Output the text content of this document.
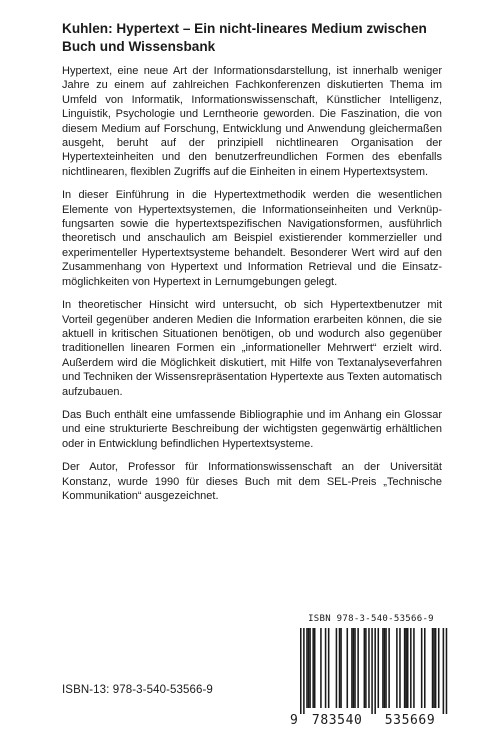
Kuhlen: Hypertext – Ein nicht-lineares Medium zwischen Buch und Wissensbank

Hypertext, eine neue Art der Informationsdarstellung, ist innerhalb weniger Jahre zu einem auf zahlreichen Fachkonferenzen diskutierten Thema im Umfeld von Informatik, Informationswissenschaft, Künstlicher Intelligenz, Linguistik, Psychologie und Lerntheorie geworden. Die Faszination, die von diesem Medium auf Forschung, Entwicklung und Anwendung gleichermaßen ausgeht, beruht auf der prinzipiell nichtlinearen Organisation der Hypertexteinheiten und den benutzerfreundlichen Formen des ebenfalls nichtlinearen, flexiblen Zugriffs auf die Einheiten in einem Hypertextsystem.

In dieser Einführung in die Hypertextmethodik werden die wesentlichen Elemente von Hypertextsystemen, die Informationseinheiten und Verknüpfungsarten sowie die hypertextspezifischen Navigationsformen, ausführlich theoretisch und anschaulich am Beispiel existierender kommerzieller und experimenteller Hypertextsysteme behandelt. Besonderer Wert wird auf den Zusammenhang von Hypertext und Information Retrieval und die Einsatzmöglichkeiten von Hypertext in Lernumgebungen gelegt.

In theoretischer Hinsicht wird untersucht, ob sich Hypertextbenutzer mit Vorteil gegenüber anderen Medien die Information erarbeiten können, die sie aktuell in kritischen Situationen benötigen, ob und wodurch also gegenüber traditionellen linearen Formen ein „informationeller Mehrwert“ erzielt wird. Außerdem wird die Möglichkeit diskutiert, mit Hilfe von Textanalyseverfahren und Techniken der Wissensrepräsentation Hypertexte aus Texten automatisch aufzubauen.

Das Buch enthält eine umfassende Bibliographie und im Anhang ein Glossar und eine strukturierte Beschreibung der wichtigsten gegenwärtig erhältlichen oder in Entwicklung befindlichen Hypertextsysteme.

Der Autor, Professor für Informationswissenschaft an der Universität Konstanz, wurde 1990 für dieses Buch mit dem SEL-Preis „Technische Kommunikation“ ausgezeichnet.

ISBN-13: 978-3-540-53566-9
ISBN 978-3-540-53566-9
9 783540 535669
